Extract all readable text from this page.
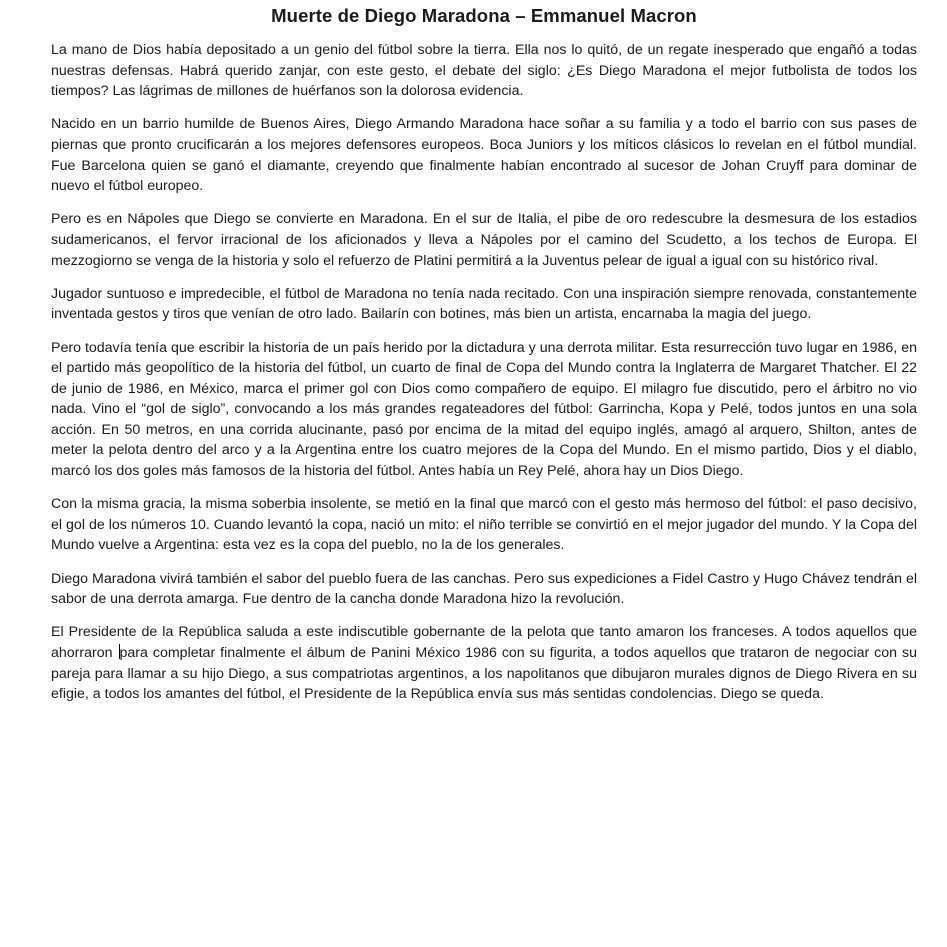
Muerte de Diego Maradona – Emmanuel Macron

La mano de Dios había depositado a un genio del fútbol sobre la tierra. Ella nos lo quitó, de un regate inesperado que engañó a todas nuestras defensas. Habrá querido zanjar, con este gesto, el debate del siglo: ¿Es Diego Maradona el mejor futbolista de todos los tiempos? Las lágrimas de millones de huérfanos son la dolorosa evidencia.

Nacido en un barrio humilde de Buenos Aires, Diego Armando Maradona hace soñar a su familia y a todo el barrio con sus pases de piernas que pronto crucificarán a los mejores defensores europeos. Boca Juniors y los míticos clásicos lo revelan en el fútbol mundial. Fue Barcelona quien se ganó el diamante, creyendo que finalmente habían encontrado al sucesor de Johan Cruyff para dominar de nuevo el fútbol europeo.

Pero es en Nápoles que Diego se convierte en Maradona. En el sur de Italia, el pibe de oro redescubre la desmesura de los estadios sudamericanos, el fervor irracional de los aficionados y lleva a Nápoles por el camino del Scudetto, a los techos de Europa. El mezzogiorno se venga de la historia y solo el refuerzo de Platini permitirá a la Juventus pelear de igual a igual con su histórico rival.

Jugador suntuoso e impredecible, el fútbol de Maradona no tenía nada recitado. Con una inspiración siempre renovada, constantemente inventada gestos y tiros que venían de otro lado. Bailarín con botines, más bien un artista, encarnaba la magia del juego.

Pero todavía tenía que escribir la historia de un país herido por la dictadura y una derrota militar. Esta resurrección tuvo lugar en 1986, en el partido más geopolítico de la historia del fútbol, un cuarto de final de Copa del Mundo contra la Inglaterra de Margaret Thatcher. El 22 de junio de 1986, en México, marca el primer gol con Dios como compañero de equipo. El milagro fue discutido, pero el árbitro no vio nada. Vino el “gol de siglo”, convocando a los más grandes regateadores del fútbol: Garrincha, Kopa y Pelé, todos juntos en una sola acción. En 50 metros, en una corrida alucinante, pasó por encima de la mitad del equipo inglés, amagó al arquero, Shilton, antes de meter la pelota dentro del arco y a la Argentina entre los cuatro mejores de la Copa del Mundo. En el mismo partido, Dios y el diablo, marcó los dos goles más famosos de la historia del fútbol. Antes había un Rey Pelé, ahora hay un Dios Diego.

Con la misma gracia, la misma soberbia insolente, se metió en la final que marcó con el gesto más hermoso del fútbol: el paso decisivo, el gol de los números 10. Cuando levantó la copa, nació un mito: el niño terrible se convirtió en el mejor jugador del mundo. Y la Copa del Mundo vuelve a Argentina: esta vez es la copa del pueblo, no la de los generales.

Diego Maradona vivirá también el sabor del pueblo fuera de las canchas. Pero sus expediciones a Fidel Castro y Hugo Chávez tendrán el sabor de una derrota amarga. Fue dentro de la cancha donde Maradona hizo la revolución.

El Presidente de la República saluda a este indiscutible gobernante de la pelota que tanto amaron los franceses. A todos aquellos que ahorraron para completar finalmente el álbum de Panini México 1986 con su figurita, a todos aquellos que trataron de negociar con su pareja para llamar a su hijo Diego, a sus compatriotas argentinos, a los napolitanos que dibujaron murales dignos de Diego Rivera en su efigie, a todos los amantes del fútbol, el Presidente de la República envía sus más sentidas condolencias. Diego se queda.
